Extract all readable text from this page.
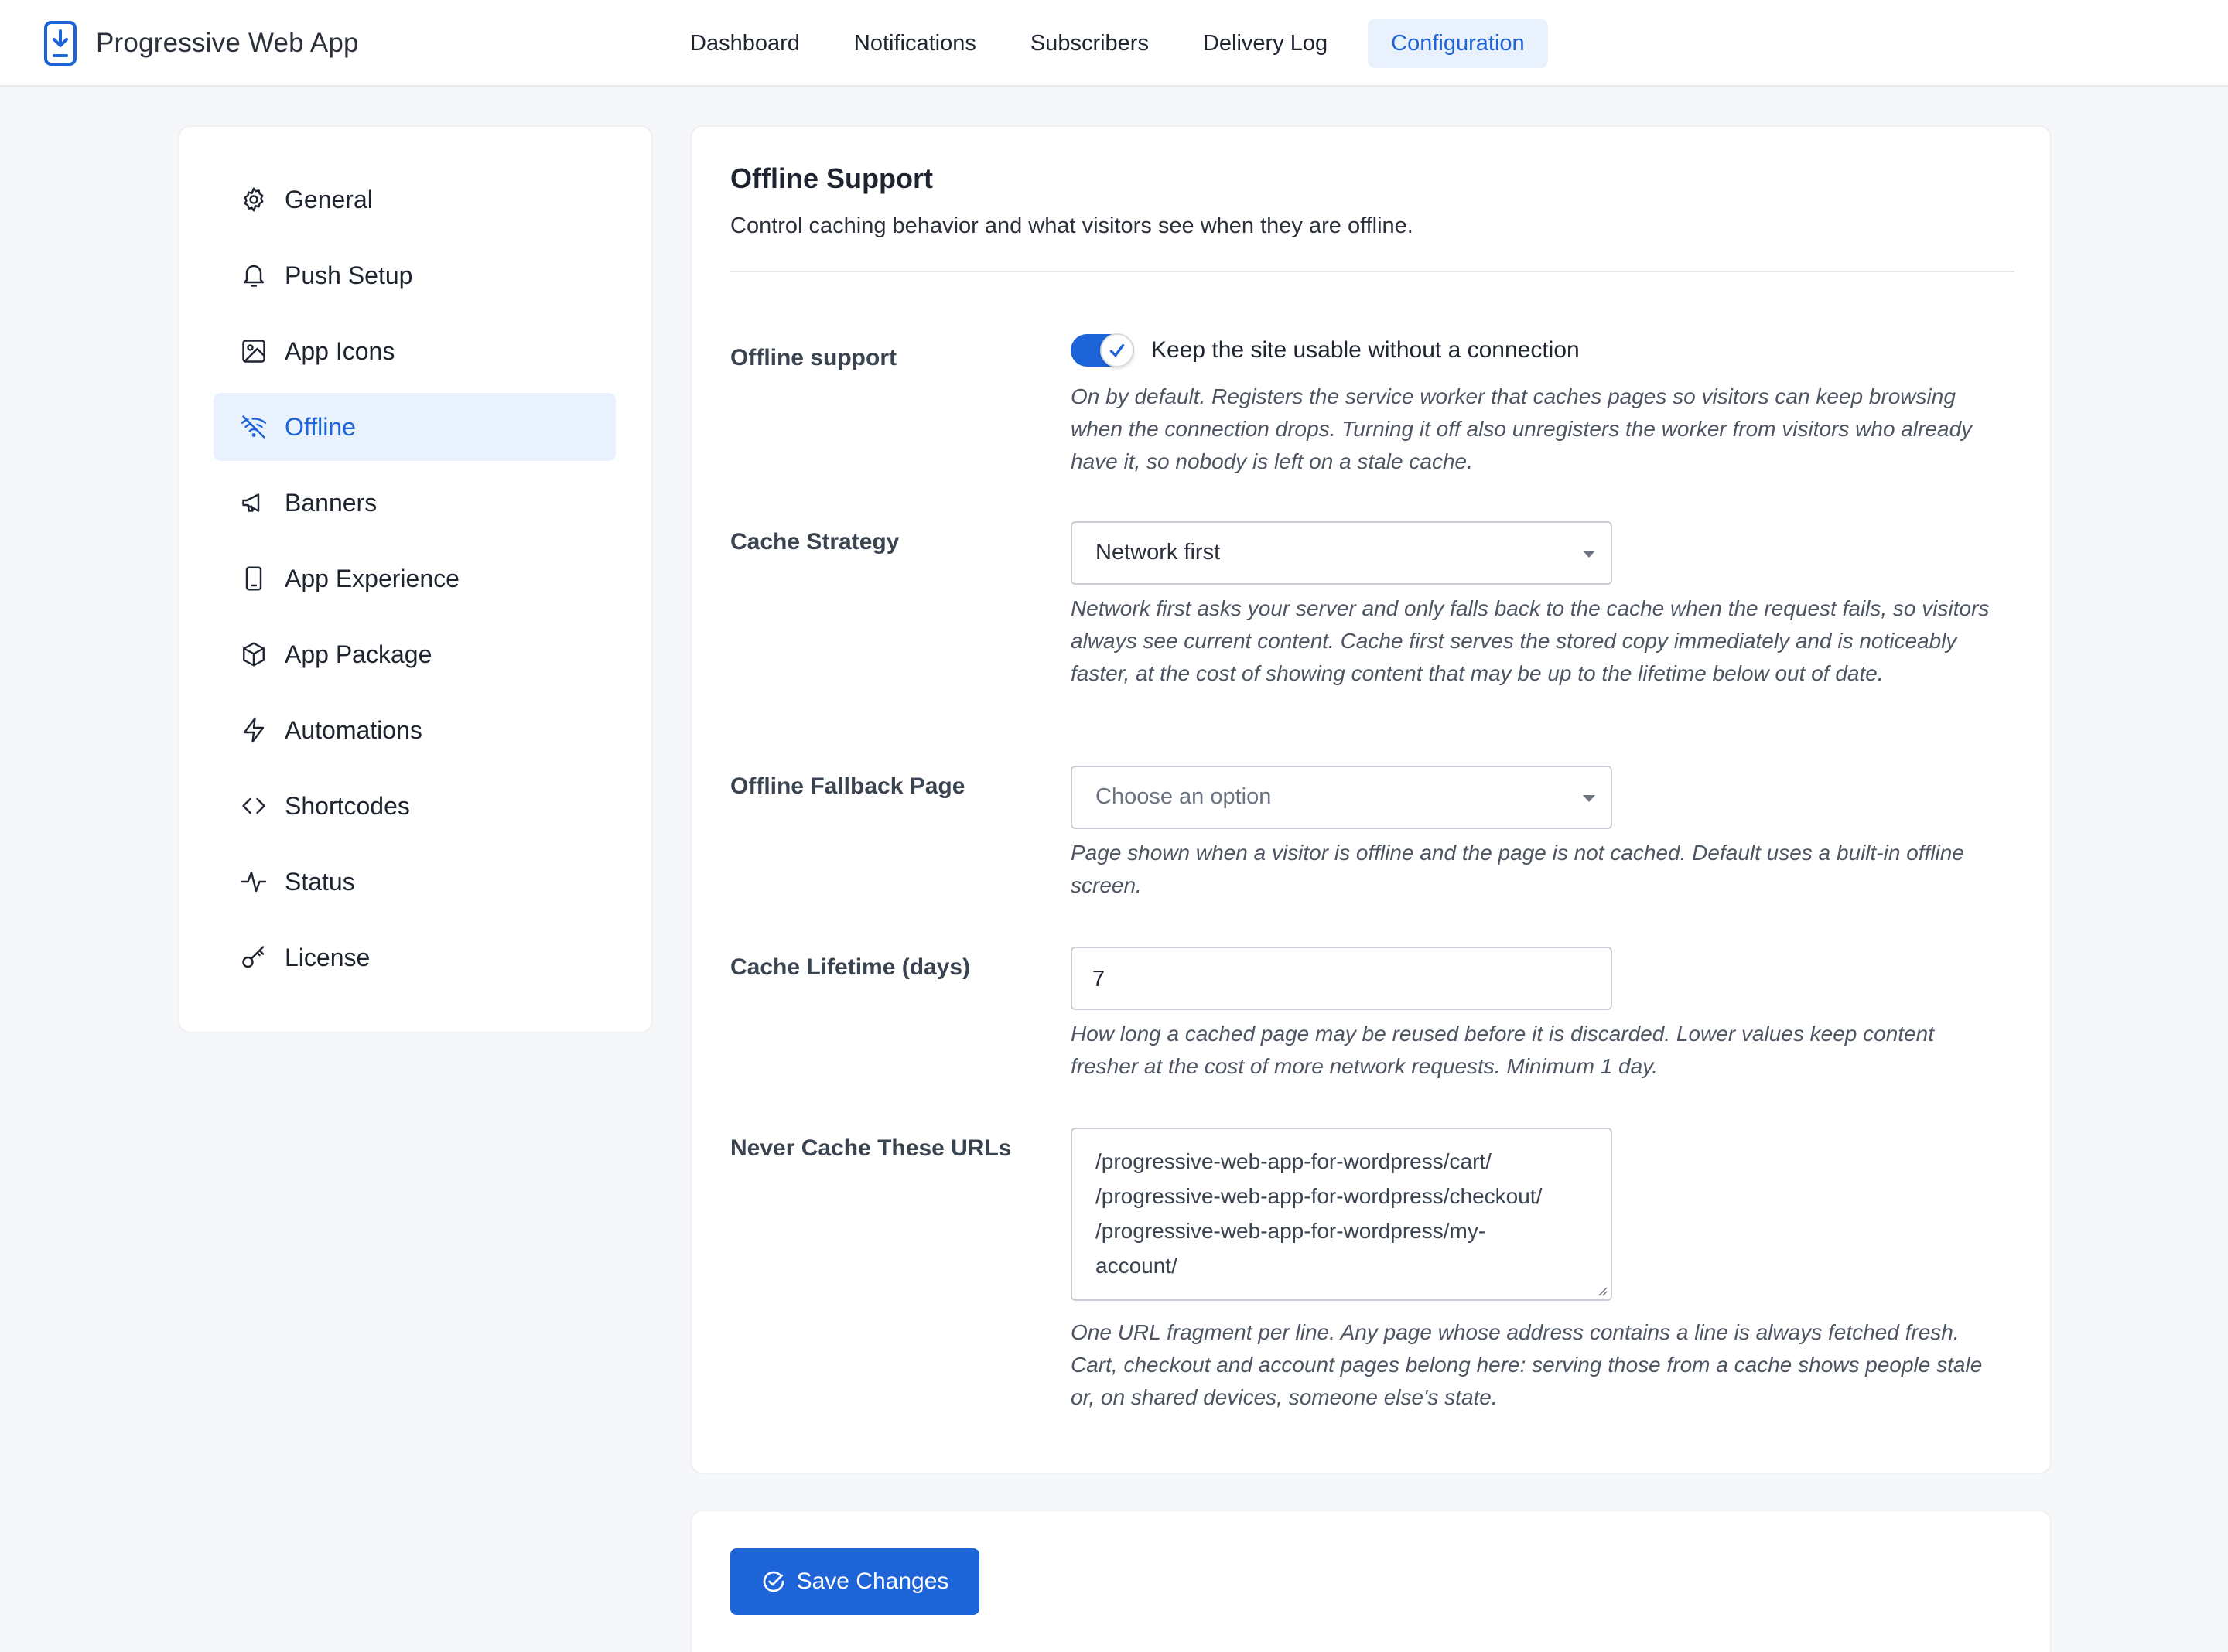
Progressive Web App	Dashboard	Notifications	Subscribers	Delivery Log	Configuration
General
Push Setup
App Icons
Offline
Banners
App Experience
App Package
Automations
Shortcodes
Status
License
Offline Support

Control caching behavior and what visitors see when they are offline.

Offline support	Keep the site usable without a connection
On by default. Registers the service worker that caches pages so visitors can keep browsing when the connection drops. Turning it off also unregisters the worker from visitors who already have it, so nobody is left on a stale cache.
Cache Strategy	Network first
Network first asks your server and only falls back to the cache when the request fails, so visitors always see current content. Cache first serves the stored copy immediately and is noticeably faster, at the cost of showing content that may be up to the lifetime below out of date.
Offline Fallback Page	Choose an option
Page shown when a visitor is offline and the page is not cached. Default uses a built-in offline screen.
Cache Lifetime (days)	7
How long a cached page may be reused before it is discarded. Lower values keep content fresher at the cost of more network requests. Minimum 1 day.
Never Cache These URLs
/progressive-web-app-for-wordpress/cart/
/progressive-web-app-for-wordpress/checkout/
/progressive-web-app-for-wordpress/my-
account/
One URL fragment per line. Any page whose address contains a line is always fetched fresh. Cart, checkout and account pages belong here: serving those from a cache shows people stale or, on shared devices, someone else's state.
Save Changes
